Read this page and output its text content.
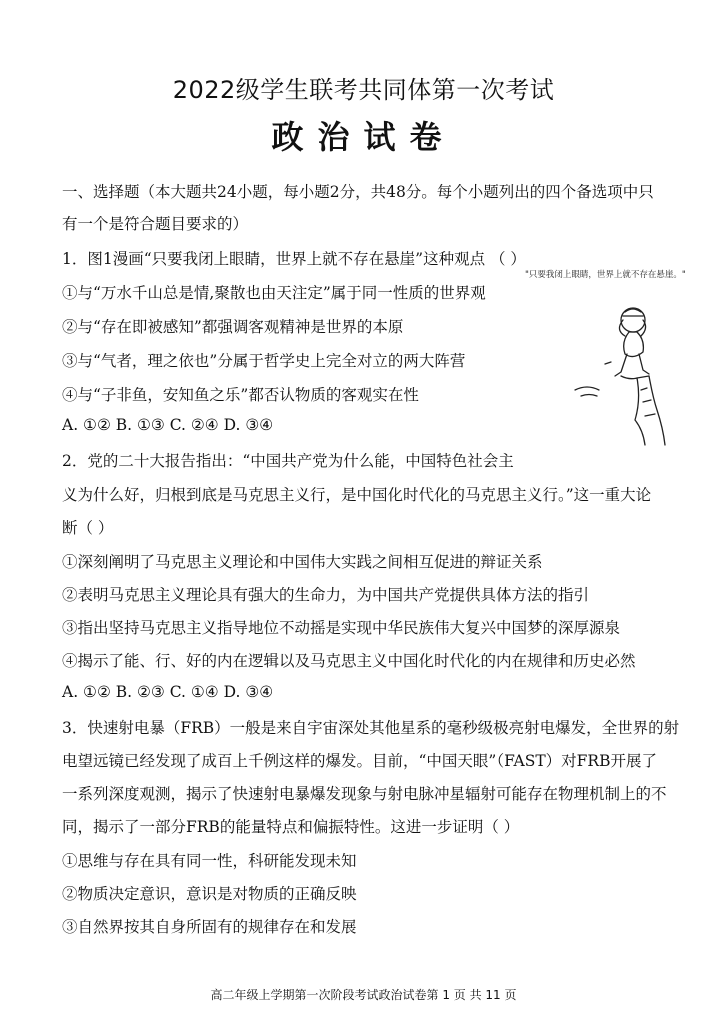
2022级学生联考共同体第一次考试
政治试卷
一、选择题（本大题共24小题，每小题2分，共48分。每个小题列出的四个备选项中只
有一个是符合题目要求的）
1．图1漫画“只要我闭上眼睛，世界上就不存在悬崖”这种观点 （ ）
①与“万水千山总是情,聚散也由天注定”属于同一性质的世界观
②与“存在即被感知”都强调客观精神是世界的本原
③与“气者，理之依也”分属于哲学史上完全对立的两大阵营
④与“子非鱼，安知鱼之乐”都否认物质的客观实在性
A. ①② B. ①③ C. ②④ D. ③④
"只要我闭上眼睛，世界上就不存在悬崖。"
2．党的二十大报告指出：“中国共产党为什么能，中国特色社会主
义为什么好，归根到底是马克思主义行，是中国化时代化的马克思主义行。”这一重大论
断（ ）
①深刻阐明了马克思主义理论和中国伟大实践之间相互促进的辩证关系
②表明马克思主义理论具有强大的生命力，为中国共产党提供具体方法的指引
③指出坚持马克思主义指导地位不动摇是实现中华民族伟大复兴中国梦的深厚源泉
④揭示了能、行、好的内在逻辑以及马克思主义中国化时代化的内在规律和历史必然
A. ①② B. ②③ C. ①④ D. ③④
3．快速射电暴（FRB）一般是来自宇宙深处其他星系的毫秒级极亮射电爆发，全世界的射
电望远镜已经发现了成百上千例这样的爆发。目前，“中国天眼”（FAST）对FRB开展了
一系列深度观测，揭示了快速射电暴爆发现象与射电脉冲星辐射可能存在物理机制上的不
同，揭示了一部分FRB的能量特点和偏振特性。这进一步证明（ ）
①思维与存在具有同一性，科研能发现未知
②物质决定意识，意识是对物质的正确反映
③自然界按其自身所固有的规律存在和发展
高二年级上学期第一次阶段考试政治试卷第 1 页 共 11 页
